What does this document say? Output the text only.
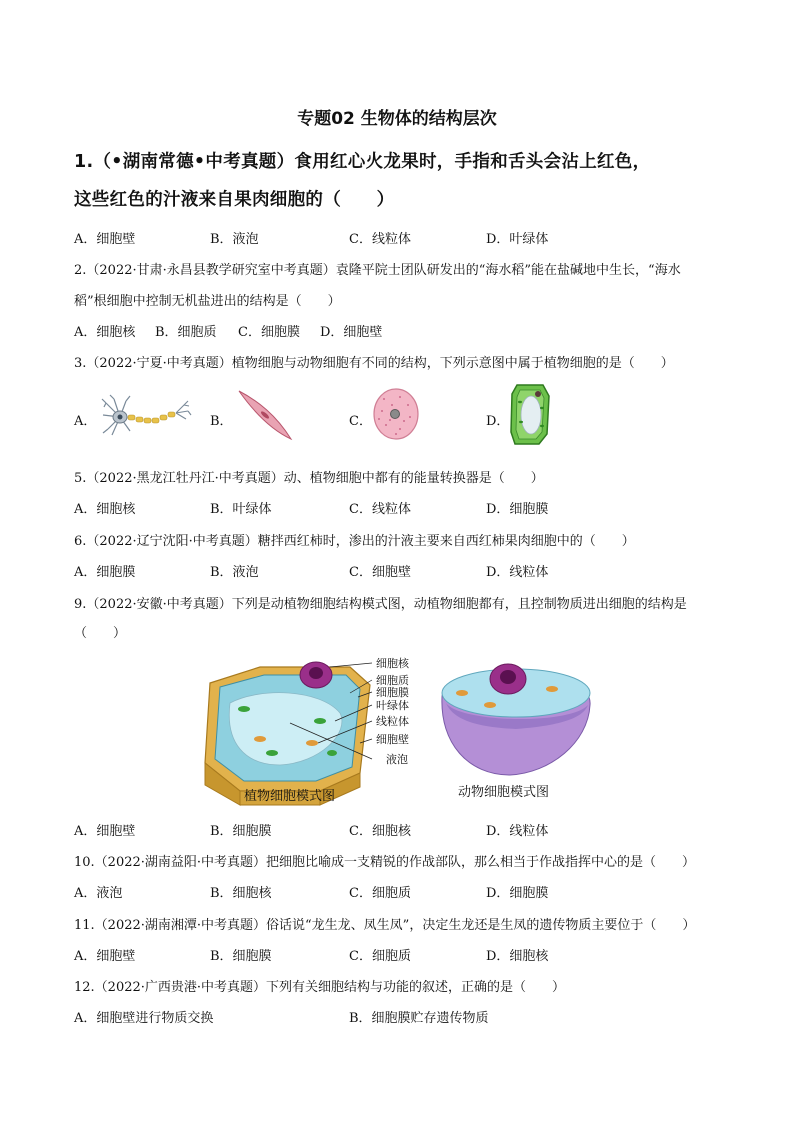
专题02 生物体的结构层次
1.（•湖南常德•中考真题）食用红心火龙果时，手指和舌头会沾上红色，
这些红色的汁液来自果肉细胞的（　　）
A．细胞壁	B．液泡	C．线粒体	D．叶绿体
2.（2022·甘肃·永昌县教学研究室中考真题）袁隆平院士团队研发出的“海水稻”能在盐碱地中生长，“海水
稻”根细胞中控制无机盐进出的结构是（　　）
A．细胞核 B．细胞质 C．细胞膜 D．细胞壁
3.（2022·宁夏·中考真题）植物细胞与动物细胞有不同的结构，下列示意图中属于植物细胞的是（　　）
A．	B．	C．	D．
5.（2022·黑龙江牡丹江·中考真题）动、植物细胞中都有的能量转换器是（　　）
A．细胞核	B．叶绿体	C．线粒体	D．细胞膜
6.（2022·辽宁沈阳·中考真题）糖拌西红柿时，渗出的汁液主要来自西红柿果肉细胞中的（　　）
A．细胞膜	B．液泡	C．细胞壁	D．线粒体
9.（2022·安徽·中考真题）下列是动植物细胞结构模式图，动植物细胞都有，且控制物质进出细胞的结构是
（　　）
细胞核
细胞质
细胞膜
叶绿体
线粒体
细胞壁
液泡
植物细胞模式图	动物细胞模式图
A．细胞壁	B．细胞膜	C．细胞核	D．线粒体
10.（2022·湖南益阳·中考真题）把细胞比喻成一支精锐的作战部队，那么相当于作战指挥中心的是（　　）
A．液泡	B．细胞核	C．细胞质	D．细胞膜
11.（2022·湖南湘潭·中考真题）俗话说“龙生龙、凤生凤”，决定生龙还是生凤的遗传物质主要位于（　　）
A．细胞壁	B．细胞膜	C．细胞质	D．细胞核
12.（2022·广西贵港·中考真题）下列有关细胞结构与功能的叙述，正确的是（　　）
A．细胞壁进行物质交换	B．细胞膜贮存遗传物质
